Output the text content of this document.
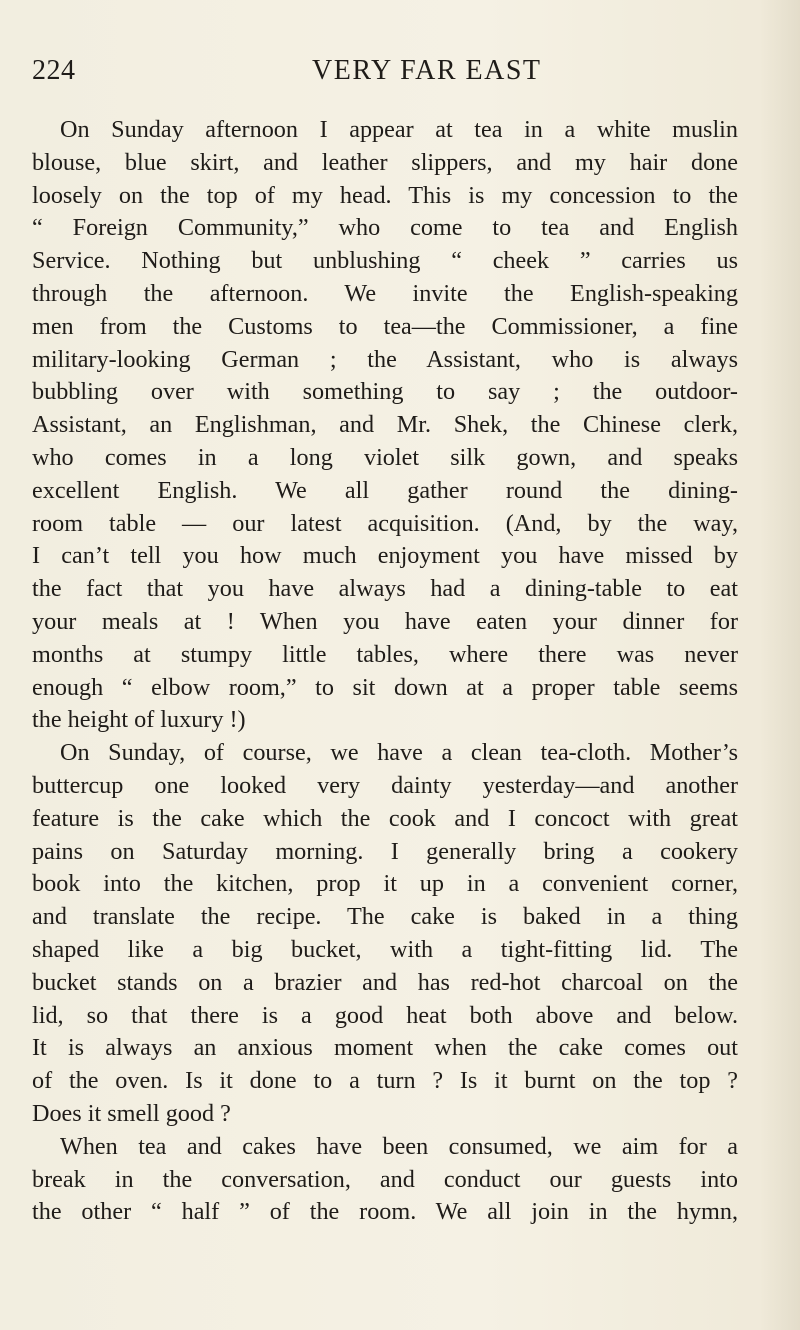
224	VERY FAR EAST
On Sunday afternoon I appear at tea in a white muslin
blouse, blue skirt, and leather slippers, and my hair done
loosely on the top of my head. This is my concession to the
“ Foreign Community,” who come to tea and English
Service. Nothing but unblushing “ cheek ” carries us
through the afternoon. We invite the English-speaking
men from the Customs to tea—the Commissioner, a fine
military-looking German ; the Assistant, who is always
bubbling over with something to say ; the outdoor-
Assistant, an Englishman, and Mr. Shek, the Chinese clerk,
who comes in a long violet silk gown, and speaks
excellent English. We all gather round the dining-
room table — our latest acquisition. (And, by the way,
I can’t tell you how much enjoyment you have missed by
the fact that you have always had a dining-table to eat
your meals at ! When you have eaten your dinner for
months at stumpy little tables, where there was never
enough “ elbow room,” to sit down at a proper table seems
the height of luxury !)
On Sunday, of course, we have a clean tea-cloth. Mother’s
buttercup one looked very dainty yesterday—and another
feature is the cake which the cook and I concoct with great
pains on Saturday morning. I generally bring a cookery
book into the kitchen, prop it up in a convenient corner,
and translate the recipe. The cake is baked in a thing
shaped like a big bucket, with a tight-fitting lid. The
bucket stands on a brazier and has red-hot charcoal on the
lid, so that there is a good heat both above and below.
It is always an anxious moment when the cake comes out
of the oven. Is it done to a turn ? Is it burnt on the top ?
Does it smell good ?
When tea and cakes have been consumed, we aim for a
break in the conversation, and conduct our guests into
the other “ half ” of the room. We all join in the hymn,
